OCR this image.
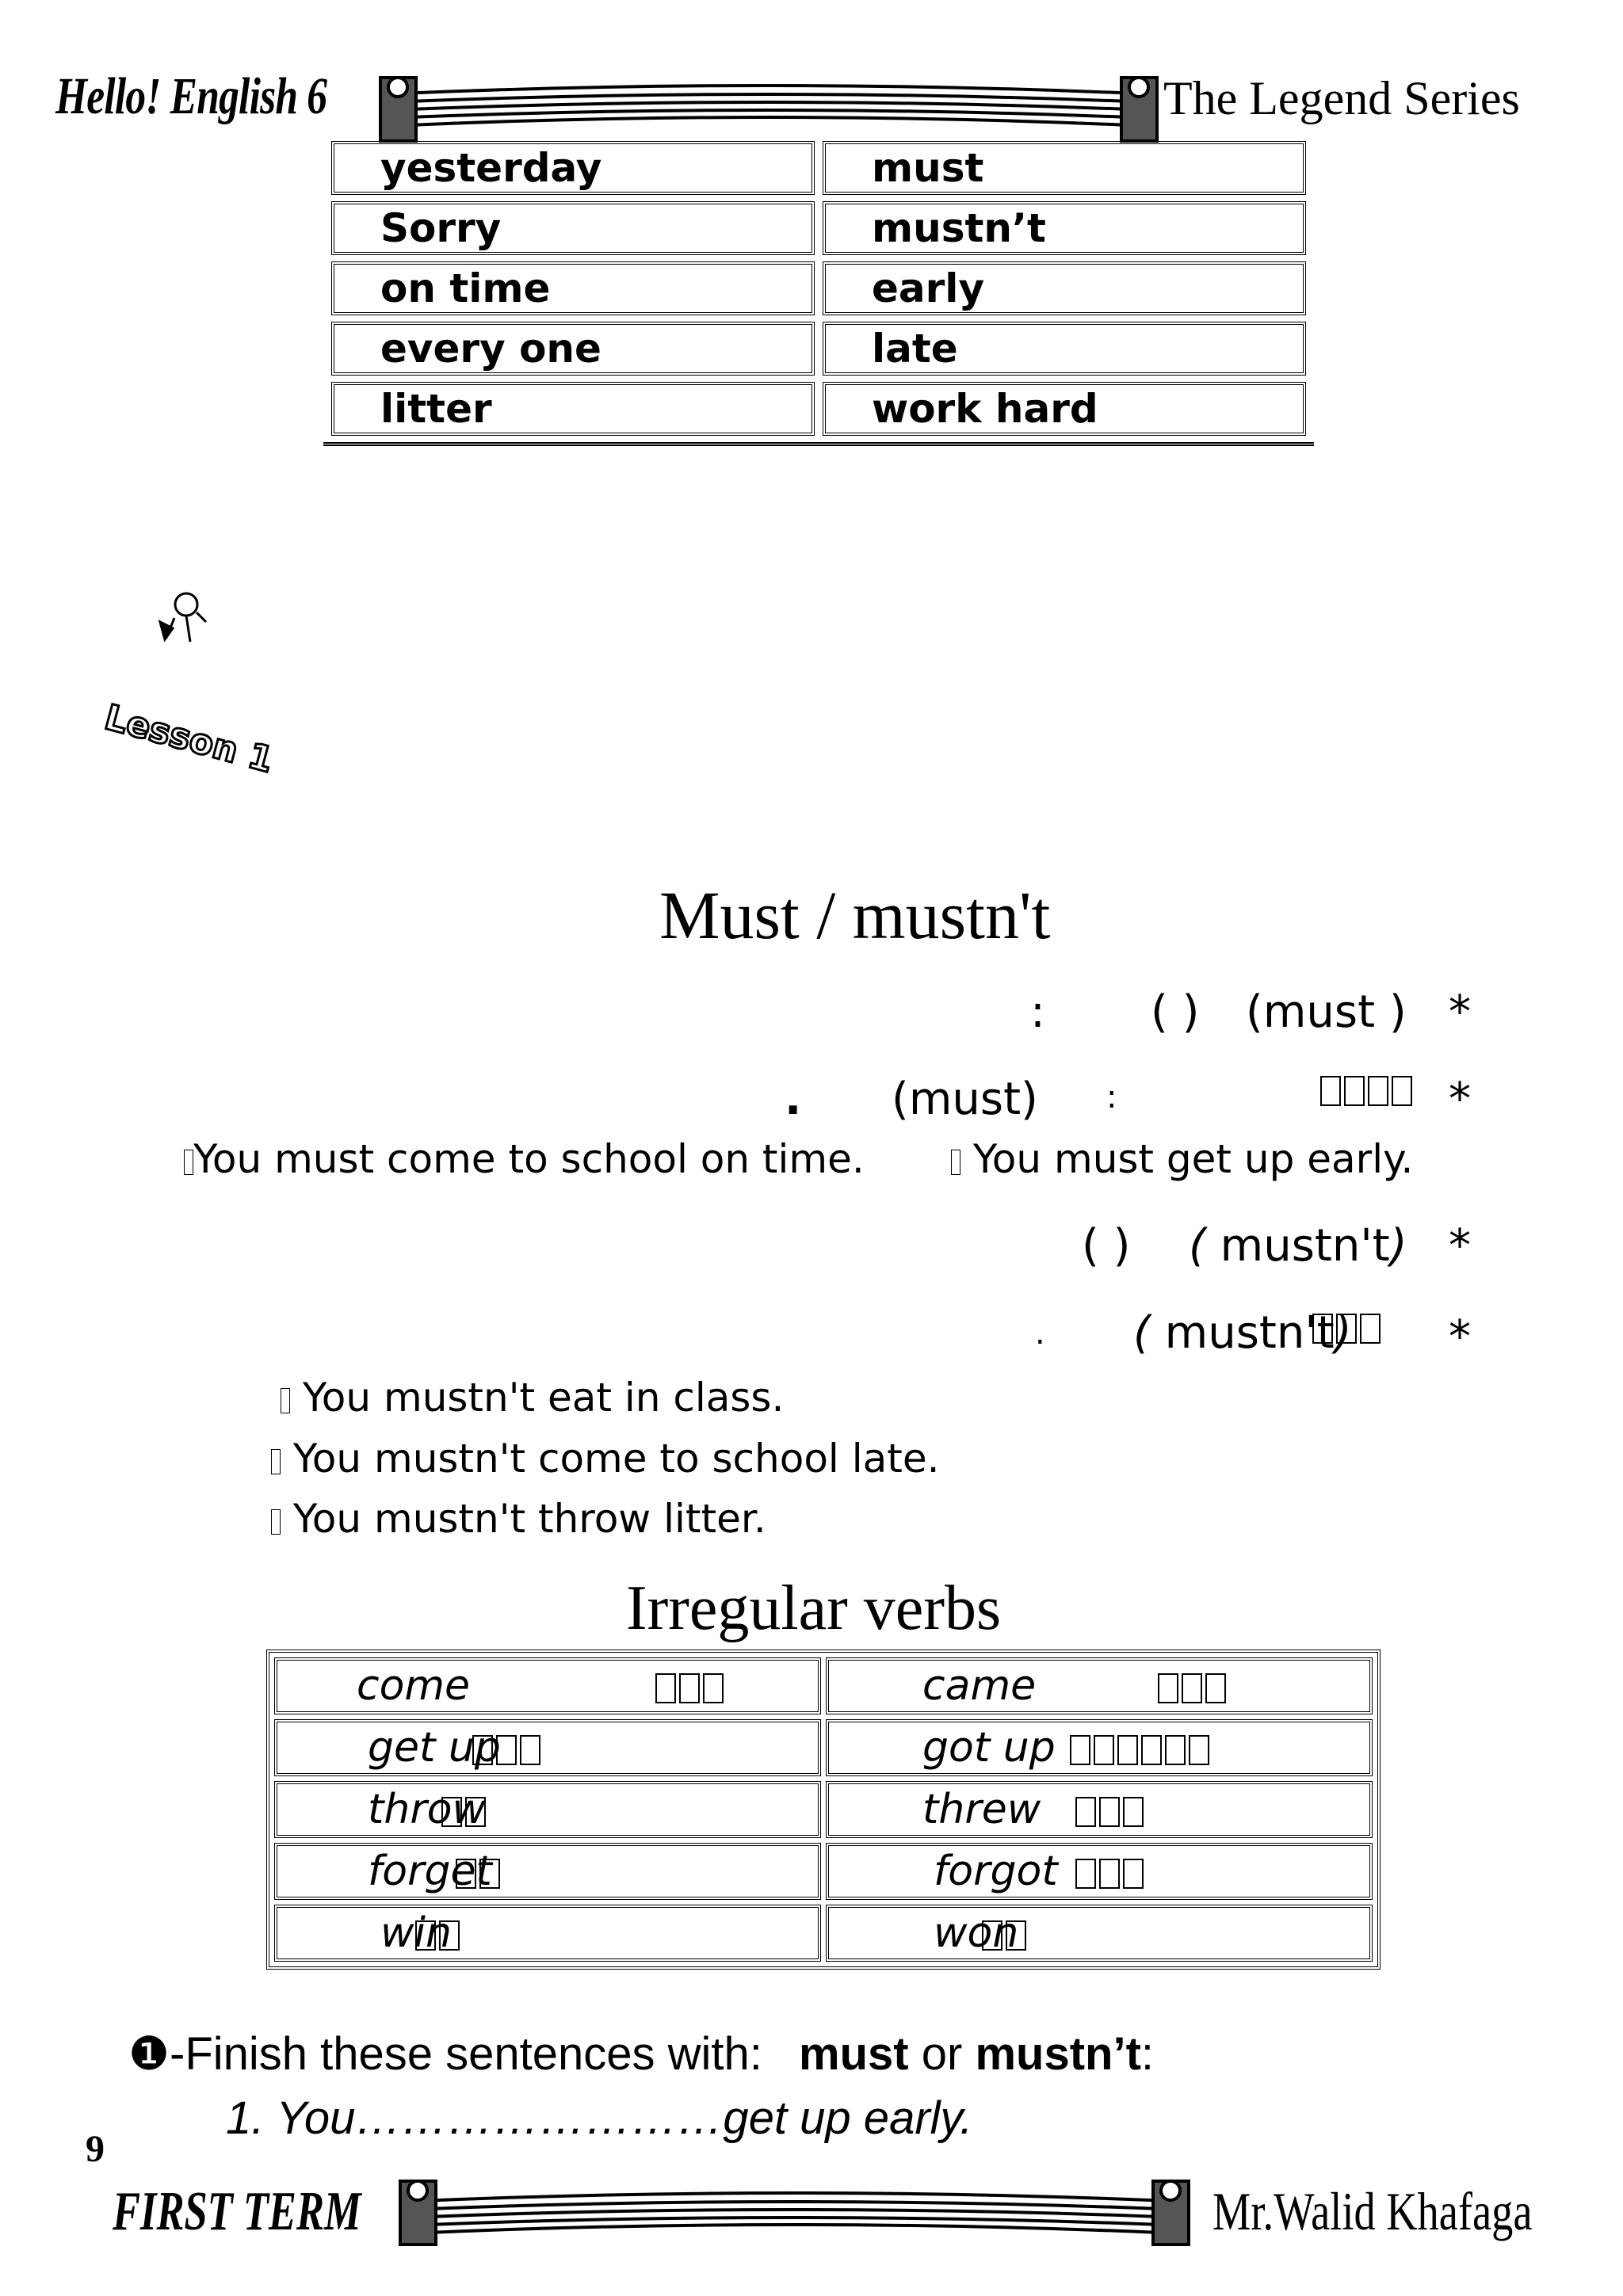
Hello! English 6	The Legend Series
yesterday	must
Sorry	mustn’t
on time	early
every one	late
litter	work hard
Lesson 1
Must / mustn't
: ( ) (must ) *
. (must) :	*
You must come to school on time.	You must get up early.
( ) ( mustn't) *
. ( mustn't) *
You mustn't eat in class.
You mustn't come to school late.
You mustn't throw litter.
Irregular verbs
come	came
get up	got up
throw	threw
forget	forgot
win	won
❶-Finish these sentences with: must or mustn’t:
1. You……………………get up early.
9
FIRST TERM	Mr.Walid Khafaga
